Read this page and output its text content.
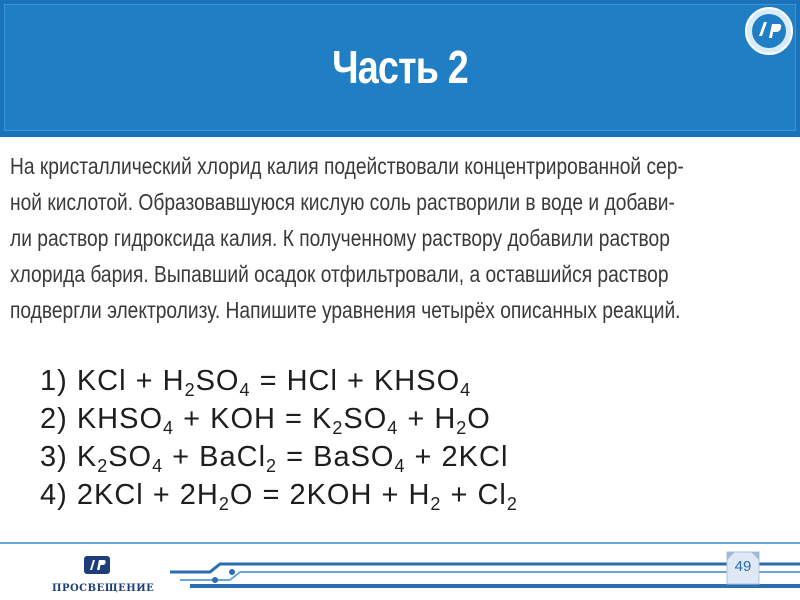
Часть 2
На кристаллический хлорид калия подействовали концентрированной сер-
ной кислотой. Образовавшуюся кислую соль растворили в воде и добави-
ли раствор гидроксида калия. К полученному раствору добавили раствор
хлорида бария. Выпавший осадок отфильтровали, а оставшийся раствор
подвергли электролизу. Напишите уравнения четырёх описанных реакций.
1) KCl + $H_2SO_4$ = HCl + $KHSO_4$
2) $KHSO_4$ + KOH = $K_2SO_4 + H_2O$
3) $K_2SO_4$ + BaCl$_2$ = BaSO$_4$ + 2KCl
4) $2KCl + 2H_2O = 2KOH + H_2 + Cl_2$
ПРОСВЕЩЕНИЕ
49
